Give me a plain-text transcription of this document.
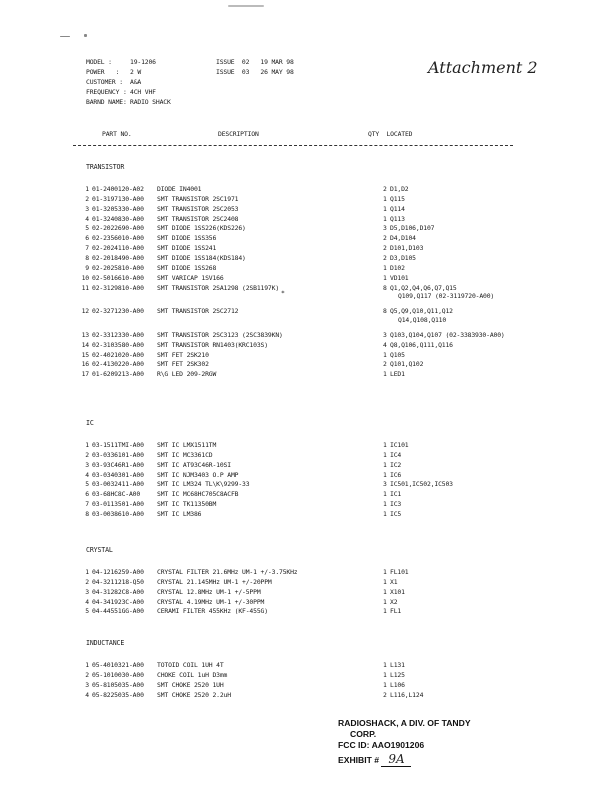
MODEL : 19-1206
POWER   : 2 W
CUSTOMER : A&A
FREQUENCY : 4CH VHF
BARND NAME: RADIO SHACK
ISSUE  02   19 MAR 98
ISSUE  03   26 MAY 98	Attachment 2
PART NO.	DESCRIPTION	QTY  LOCATED
TRANSISTOR
1 01-2400120-A02 DIODE IN4001	2 D1,D2
2 01-3197130-A00 SMT TRANSISTOR 2SC1971	1 Q115
3 01-3205330-A00 SMT TRANSISTOR 2SC2053	1 Q114
4 01-3240830-A00 SMT TRANSISTOR 2SC2408	1 Q113
5 02-2022690-A00 SMT DIODE 1SS226(KDS226)	3 D5,D106,D107
6 02-2356010-A00 SMT DIODE 1SS356	2 D4,D104
7 02-2024110-A00 SMT DIODE 1SS241	2 D101,D103
8 02-2018490-A00 SMT DIODE 1SS184(KDS184)	2 D3,D105
9 02-2025810-A00 SMT DIODE 1SS268	1 D102
10 02-5016610-A00 SMT VARICAP 1SV166	1 VD101
11 02-3129810-A00 SMT TRANSISTOR 2SA1298 (2SB1197K)	8 Q1,Q2,Q4,Q6,Q7,Q15
*	Q109,Q117 (02-3119720-A00)
12 02-3271230-A00 SMT TRANSISTOR 2SC2712	8 Q5,Q9,Q10,Q11,Q12
Q14,Q108,Q110
13 02-3312330-A00 SMT TRANSISTOR 2SC3123 (2SC3839KN)	3 Q103,Q104,Q107 (02-3383930-A00)
14 02-3103580-A00 SMT TRANSISTOR RN1403(KRC103S)	4 Q8,Q106,Q111,Q116
15 02-4021020-A00 SMT FET 2SK210	1 Q105
16 02-4130220-A00 SMT FET 2SK302	2 Q101,Q102
17 01-6209213-A00 R\G LED 209-2RGW	1 LED1
IC
1 03-1511TMI-A00 SMT IC LMX1511TM	1 IC101
2 03-0336101-A00 SMT IC MC3361CD	1 IC4
3 03-93C46R1-A00 SMT IC AT93C46R-10SI	1 IC2
4 03-0340301-A00 SMT IC NJM3403 O.P AMP	1 IC6
5 03-0032411-A00 SMT IC LM324 TL\K\9299-33	3 IC501,IC502,IC503
6 03-68HC8C-A00	SMT IC MC68HC705C8ACFB	1 IC1
7 03-0113501-A00 SMT IC TK11350BM	1 IC3
8 03-0038610-A00 SMT IC LM386	1 IC5
CRYSTAL
1 04-1216259-A00 CRYSTAL FILTER 21.6MHz UM-1 +/-3.75KHz	1 FL101
2 04-3211218-Q50 CRYSTAL 21.145MHz UM-1 +/-20PPM	1 X1
3 04-31282C8-A00 CRYSTAL 12.8MHz UM-1 +/-5PPM	1 X101
4 04-341923C-A00 CRYSTAL 4.19MHz UM-1 +/-30PPM	1 X2
5 04-44551GG-A00 CERAMI FILTER 455KHz (KF-455G)	1 FL1
INDUCTANCE
1 05-4010321-A00 TOTOID COIL 1UH 4T	1 L131
2 05-1010030-A00 CHOKE COIL 1uH D3mm	1 L125
3 05-8105035-A00 SMT CHOKE 2520 1UH	1 L106
4 05-8225035-A00 SMT CHOKE 2520 2.2uH	2 L116,L124
RADIOSHACK, A DIV. OF TANDY
CORP.
FCC ID: AAO1901206
EXHIBIT # 9A
